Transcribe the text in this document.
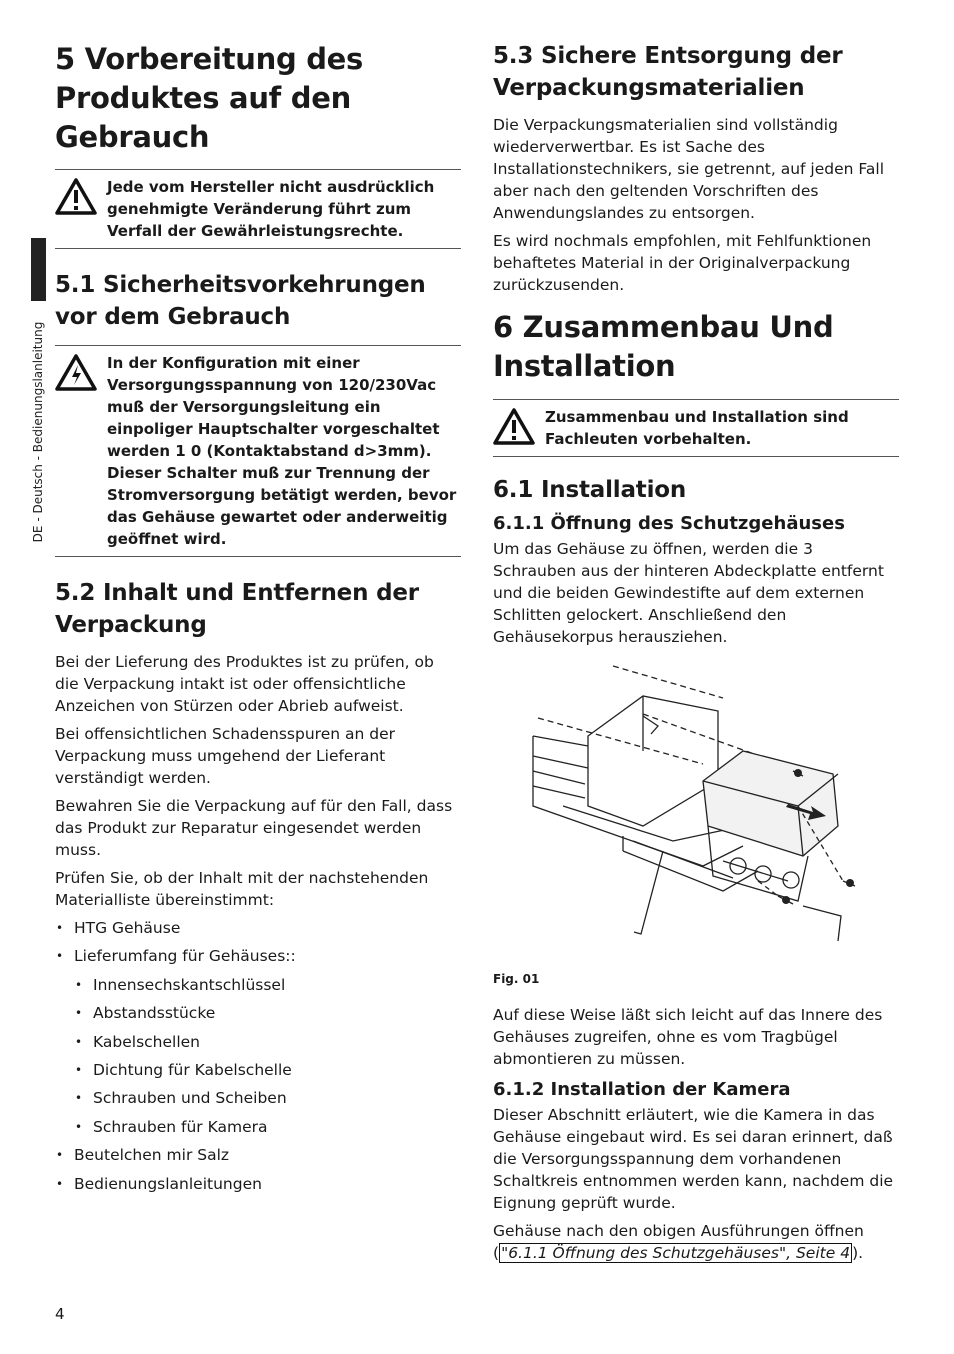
DE - Deutsch - Bedienungslanleitung
5 Vorbereitung des Produktes auf den Gebrauch
Jede vom Hersteller nicht ausdrücklich genehmigte Veränderung führt zum Verfall der Gewährleistungsrechte.
5.1 Sicherheitsvorkehrungen vor dem Gebrauch
In der Konfiguration mit einer Versorgungsspannung von 120/230Vac muß der Versorgungsleitung ein einpoliger Hauptschalter vorgeschaltet werden 1 0 (Kontaktabstand d>3mm). Dieser Schalter muß zur Trennung der Stromversorgung betätigt werden, bevor das Gehäuse gewartet oder anderweitig geöffnet wird.
5.2 Inhalt und Entfernen der Verpackung

Bei der Lieferung des Produktes ist zu prüfen, ob die Verpackung intakt ist oder offensichtliche Anzeichen von Stürzen oder Abrieb aufweist.

Bei offensichtlichen Schadensspuren an der Verpackung muss umgehend der Lieferant verständigt werden.

Bewahren Sie die Verpackung auf für den Fall, dass das Produkt zur Reparatur eingesendet werden muss.

Prüfen Sie, ob der Inhalt mit der nachstehenden Materialliste übereinstimmt:

• HTG Gehäuse
• Lieferumfang für Gehäuses::
• Innensechskantschlüssel
• Abstandsstücke
• Kabelschellen
• Dichtung für Kabelschelle
• Schrauben und Scheiben
• Schrauben für Kamera
• Beutelchen mir Salz
• Bedienungslanleitungen
5.3 Sichere Entsorgung der Verpackungsmaterialien

Die Verpackungsmaterialien sind vollständig wiederverwertbar. Es ist Sache des Installationstechnikers, sie getrennt, auf jeden Fall aber nach den geltenden Vorschriften des Anwendungslandes zu entsorgen.

Es wird nochmals empfohlen, mit Fehlfunktionen behaftetes Material in der Originalverpackung zurückzusenden.

6 Zusammenbau Und Installation
Zusammenbau und Installation sind Fachleuten vorbehalten.
6.1 Installation
6.1.1 Öffnung des Schutzgehäuses

Um das Gehäuse zu öffnen, werden die 3 Schrauben aus der hinteren Abdeckplatte entfernt und die beiden Gewindestifte auf dem externen Schlitten gelockert. Anschließend den Gehäusekorpus herausziehen.

Fig. 01

Auf diese Weise läßt sich leicht auf das Innere des Gehäuses zugreifen, ohne es vom Tragbügel abmontieren zu müssen.

6.1.2 Installation der Kamera

Dieser Abschnitt erläutert, wie die Kamera in das Gehäuse eingebaut wird. Es sei daran erinnert, daß die Versorgungsspannung dem vorhandenen Schaltkreis entnommen werden kann, nachdem die Eignung geprüft wurde.

Gehäuse nach den obigen Ausführungen öffnen ( "6.1.1 Öffnung des Schutzgehäuses", Seite 4 ).

4
